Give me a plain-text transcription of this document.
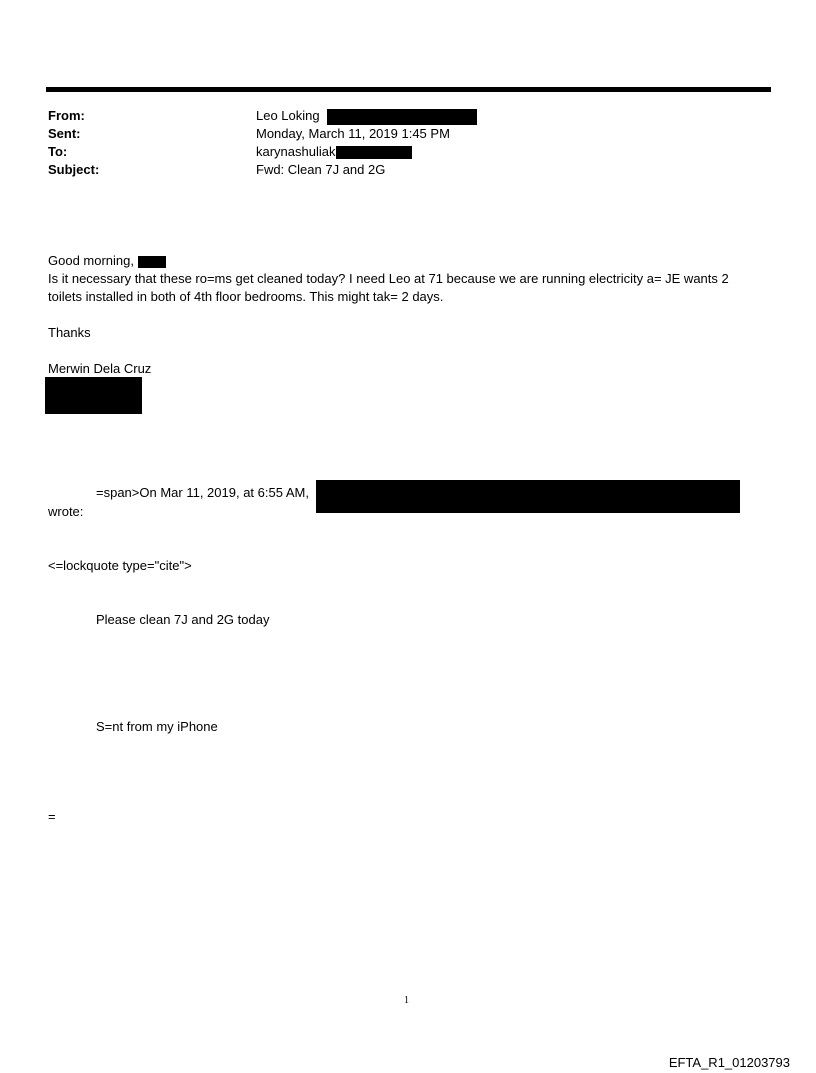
From:	Leo Loking
Sent:	Monday, March 11, 2019 1:45 PM
To:	karynashuliak
Subject:	Fwd: Clean 7J and 2G
Good morning,
Is it necessary that these ro=ms get cleaned today? I need Leo at 71 because we are running electricity a= JE wants 2
toilets installed in both of 4th floor bedrooms. This might tak= 2 days.
Thanks
Merwin Dela Cruz
=span>On Mar 11, 2019, at 6:55 AM,
wrote:
<=lockquote type="cite">
Please clean 7J and 2G today
S=nt from my iPhone
=
1
EFTA_R1_01203793
